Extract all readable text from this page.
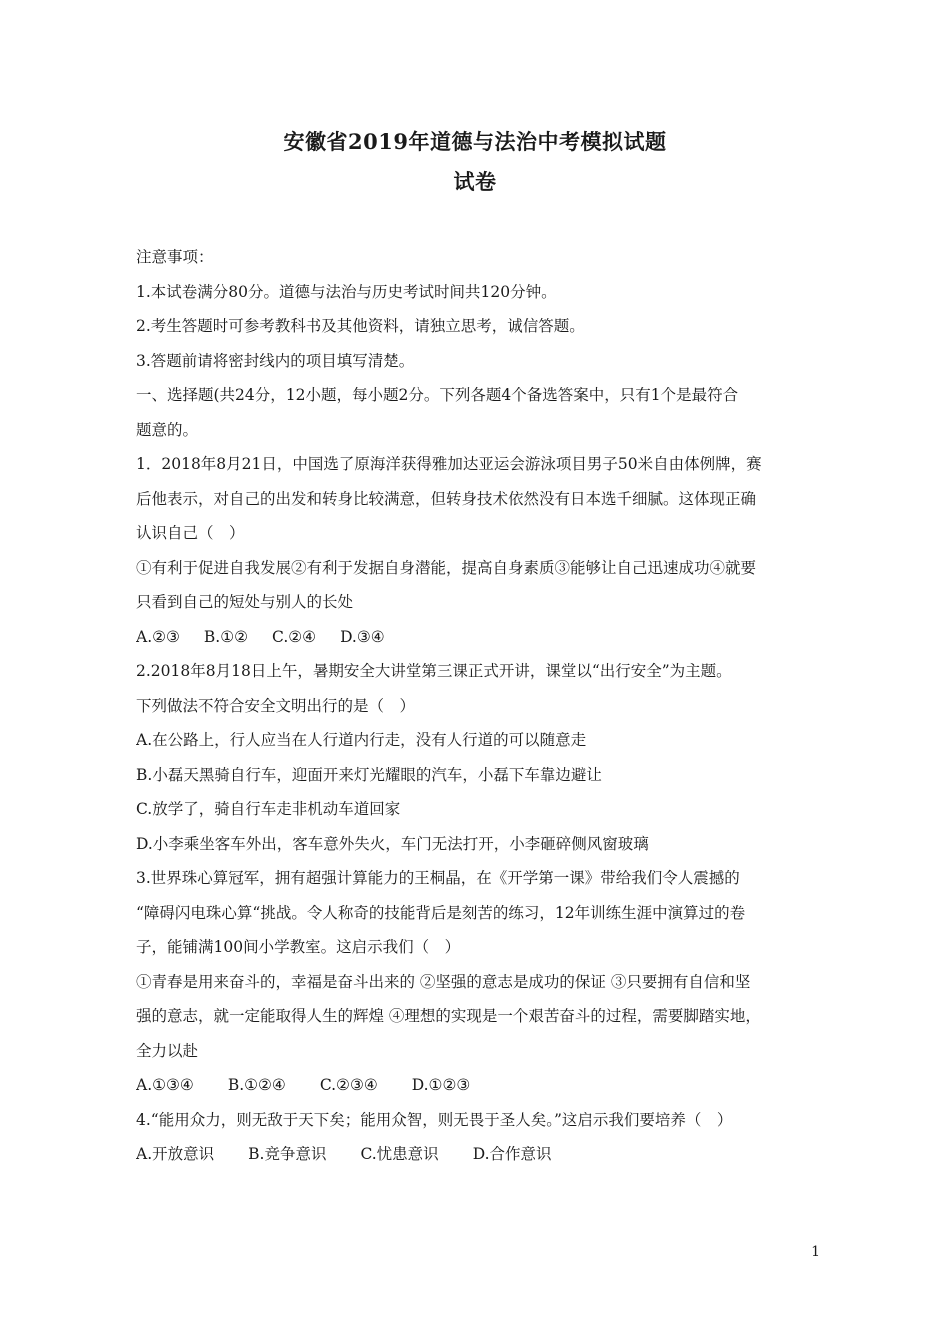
安徽省2019年道德与法治中考模拟试题
试卷
注意事项：
1.本试卷满分80分。道德与法治与历史考试时间共120分钟。
2.考生答题时可参考教科书及其他资料，请独立思考，诚信答题。
3.答题前请将密封线内的项目填写清楚。
一、选择题(共24分，12小题，每小题2分。下列各题4个备选答案中，只有1个是最符合
题意的。
1．2018年8月21日，中国选了原海洋获得雅加达亚运会游泳项目男子50米自由体例牌，赛
后他表示，对自己的出发和转身比较满意，但转身技术依然没有日本选千细腻。这体现正确
认识自己（　）
①有利于促进自我发展②有利于发据自身潜能，提高自身素质③能够让自己迅速成功④就要
只看到自己的短处与别人的长处
A.②③ B.①② C.②④ D.③④
2.2018年8月18日上午，暑期安全大讲堂第三课正式开讲，课堂以“出行安全”为主题。
下列做法不符合安全文明出行的是（　）
A.在公路上，行人应当在人行道内行走，没有人行道的可以随意走
B.小磊天黑骑自行车，迎面开来灯光耀眼的汽车，小磊下车靠边避让
C.放学了，骑自行车走非机动车道回家
D.小李乘坐客车外出，客车意外失火，车门无法打开，小李砸碎侧风窗玻璃
3.世界珠心算冠军，拥有超强计算能力的王桐晶，在《开学第一课》带给我们令人震撼的
“障碍闪电珠心算“挑战。令人称奇的技能背后是刻苦的练习，12年训练生涯中演算过的卷
子，能铺满100间小学教室。这启示我们（　）
①青春是用来奋斗的，幸福是奋斗出来的 ②坚强的意志是成功的保证 ③只要拥有自信和坚
强的意志，就一定能取得人生的辉煌 ④理想的实现是一个艰苦奋斗的过程，需要脚踏实地，
全力以赴
A.①③④ B.①②④ C.②③④ D.①②③
4.“能用众力，则无敌于天下矣；能用众智，则无畏于圣人矣。”这启示我们要培养（　）
A.开放意识 B.竞争意识 C.忧患意识 D.合作意识
1
